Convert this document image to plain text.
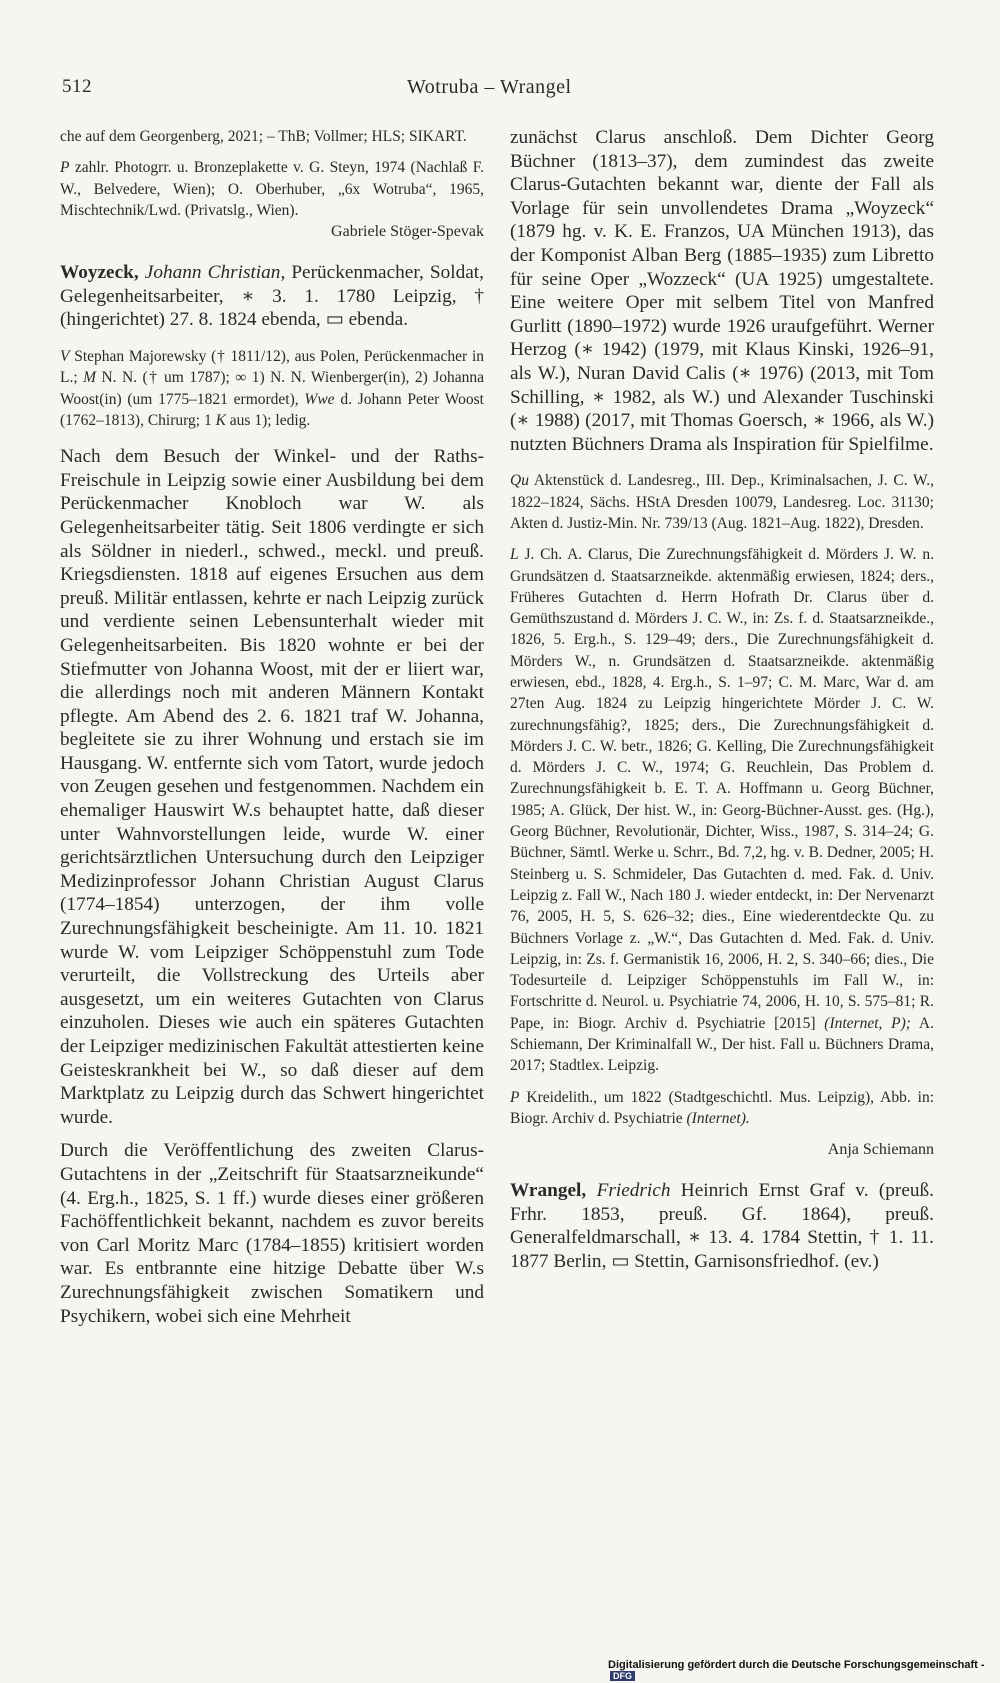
512	Wotruba – Wrangel

che auf dem Georgenberg, 2021; – ThB; Vollmer; HLS; SIKART.

P zahlr. Photogrr. u. Bronzeplakette v. G. Steyn, 1974 (Nachlaß F. W., Belvedere, Wien); O. Oberhuber, „6x Wotruba“, 1965, Mischtechnik/Lwd. (Privatslg., Wien).

Gabriele Stöger-Spevak

Woyzeck, Johann Christian, Perückenmacher, Soldat, Gelegenheitsarbeiter, ∗ 3. 1. 1780 Leipzig, † (hingerichtet) 27. 8. 1824 ebenda, ▭ ebenda.

V Stephan Majorewsky († 1811/12), aus Polen, Perückenmacher in L.; M N. N. († um 1787); ∞ 1) N. N. Wienberger(in), 2) Johanna Woost(in) (um 1775–1821 ermordet), Wwe d. Johann Peter Woost (1762–1813), Chirurg; 1 K aus 1); ledig.

Nach dem Besuch der Winkel- und der Raths-Freischule in Leipzig sowie einer Ausbildung bei dem Perückenmacher Knobloch war W. als Gelegenheitsarbeiter tätig. Seit 1806 verdingte er sich als Söldner in niederl., schwed., meckl. und preuß. Kriegsdiensten. 1818 auf eigenes Ersuchen aus dem preuß. Militär entlassen, kehrte er nach Leipzig zurück und verdiente seinen Lebensunterhalt wieder mit Gelegenheitsarbeiten. Bis 1820 wohnte er bei der Stiefmutter von Johanna Woost, mit der er liiert war, die allerdings noch mit anderen Männern Kontakt pflegte. Am Abend des 2. 6. 1821 traf W. Johanna, begleitete sie zu ihrer Wohnung und erstach sie im Hausgang. W. entfernte sich vom Tatort, wurde jedoch von Zeugen gesehen und festgenommen. Nachdem ein ehemaliger Hauswirt W.s behauptet hatte, daß dieser unter Wahnvorstellungen leide, wurde W. einer gerichtsärztlichen Untersuchung durch den Leipziger Medizinprofessor Johann Christian August Clarus (1774–1854) unterzogen, der ihm volle Zurechnungsfähigkeit bescheinigte. Am 11. 10. 1821 wurde W. vom Leipziger Schöppenstuhl zum Tode verurteilt, die Vollstreckung des Urteils aber ausgesetzt, um ein weiteres Gutachten von Clarus einzuholen. Dieses wie auch ein späteres Gutachten der Leipziger medizinischen Fakultät attestierten keine Geisteskrankheit bei W., so daß dieser auf dem Marktplatz zu Leipzig durch das Schwert hingerichtet wurde.

Durch die Veröffentlichung des zweiten Clarus-Gutachtens in der „Zeitschrift für Staatsarzneikunde“ (4. Erg.h., 1825, S. 1 ff.) wurde dieses einer größeren Fachöffentlichkeit bekannt, nachdem es zuvor bereits von Carl Moritz Marc (1784–1855) kritisiert worden war. Es entbrannte eine hitzige Debatte über W.s Zurechnungsfähigkeit zwischen Somatikern und Psychikern, wobei sich eine Mehrheit

zunächst Clarus anschloß. Dem Dichter Georg Büchner (1813–37), dem zumindest das zweite Clarus-Gutachten bekannt war, diente der Fall als Vorlage für sein unvollendetes Drama „Woyzeck“ (1879 hg. v. K. E. Franzos, UA München 1913), das der Komponist Alban Berg (1885–1935) zum Libretto für seine Oper „Wozzeck“ (UA 1925) umgestaltete. Eine weitere Oper mit selbem Titel von Manfred Gurlitt (1890–1972) wurde 1926 uraufgeführt. Werner Herzog (∗ 1942) (1979, mit Klaus Kinski, 1926–91, als W.), Nuran David Calis (∗ 1976) (2013, mit Tom Schilling, ∗ 1982, als W.) und Alexander Tuschinski (∗ 1988) (2017, mit Thomas Goersch, ∗ 1966, als W.) nutzten Büchners Drama als Inspiration für Spielfilme.

Qu Aktenstück d. Landesreg., III. Dep., Kriminalsachen, J. C. W., 1822–1824, Sächs. HStA Dresden 10079, Landesreg. Loc. 31130; Akten d. Justiz-Min. Nr. 739/13 (Aug. 1821–Aug. 1822), Dresden.

L J. Ch. A. Clarus, Die Zurechnungsfähigkeit d. Mörders J. W. n. Grundsätzen d. Staatsarzneikde. aktenmäßig erwiesen, 1824; ders., Früheres Gutachten d. Herrn Hofrath Dr. Clarus über d. Gemüthszustand d. Mörders J. C. W., in: Zs. f. d. Staatsarzneikde., 1826, 5. Erg.h., S. 129–49; ders., Die Zurechnungsfähigkeit d. Mörders W., n. Grundsätzen d. Staatsarzneikde. aktenmäßig erwiesen, ebd., 1828, 4. Erg.h., S. 1–97; C. M. Marc, War d. am 27ten Aug. 1824 zu Leipzig hingerichtete Mörder J. C. W. zurechnungsfähig?, 1825; ders., Die Zurechnungsfähigkeit d. Mörders J. C. W. betr., 1826; G. Kelling, Die Zurechnungsfähigkeit d. Mörders J. C. W., 1974; G. Reuchlein, Das Problem d. Zurechnungsfähigkeit b. E. T. A. Hoffmann u. Georg Büchner, 1985; A. Glück, Der hist. W., in: Georg-Büchner-Ausst. ges. (Hg.), Georg Büchner, Revolutionär, Dichter, Wiss., 1987, S. 314–24; G. Büchner, Sämtl. Werke u. Schrr., Bd. 7,2, hg. v. B. Dedner, 2005; H. Steinberg u. S. Schmideler, Das Gutachten d. med. Fak. d. Univ. Leipzig z. Fall W., Nach 180 J. wieder entdeckt, in: Der Nervenarzt 76, 2005, H. 5, S. 626–32; dies., Eine wiederentdeckte Qu. zu Büchners Vorlage z. „W.“, Das Gutachten d. Med. Fak. d. Univ. Leipzig, in: Zs. f. Germanistik 16, 2006, H. 2, S. 340–66; dies., Die Todesurteile d. Leipziger Schöppenstuhls im Fall W., in: Fortschritte d. Neurol. u. Psychiatrie 74, 2006, H. 10, S. 575–81; R. Pape, in: Biogr. Archiv d. Psychiatrie [2015] (Internet, P); A. Schiemann, Der Kriminalfall W., Der hist. Fall u. Büchners Drama, 2017; Stadtlex. Leipzig.

P Kreidelith., um 1822 (Stadtgeschichtl. Mus. Leipzig), Abb. in: Biogr. Archiv d. Psychiatrie (Internet).

Anja Schiemann

Wrangel, Friedrich Heinrich Ernst Graf v. (preuß. Frhr. 1853, preuß. Gf. 1864), preuß. Generalfeldmarschall, ∗ 13. 4. 1784 Stettin, † 1. 11. 1877 Berlin, ▭ Stettin, Garnisonsfriedhof. (ev.)

Digitalisierung gefördert durch die Deutsche Forschungsgemeinschaft -DFG
